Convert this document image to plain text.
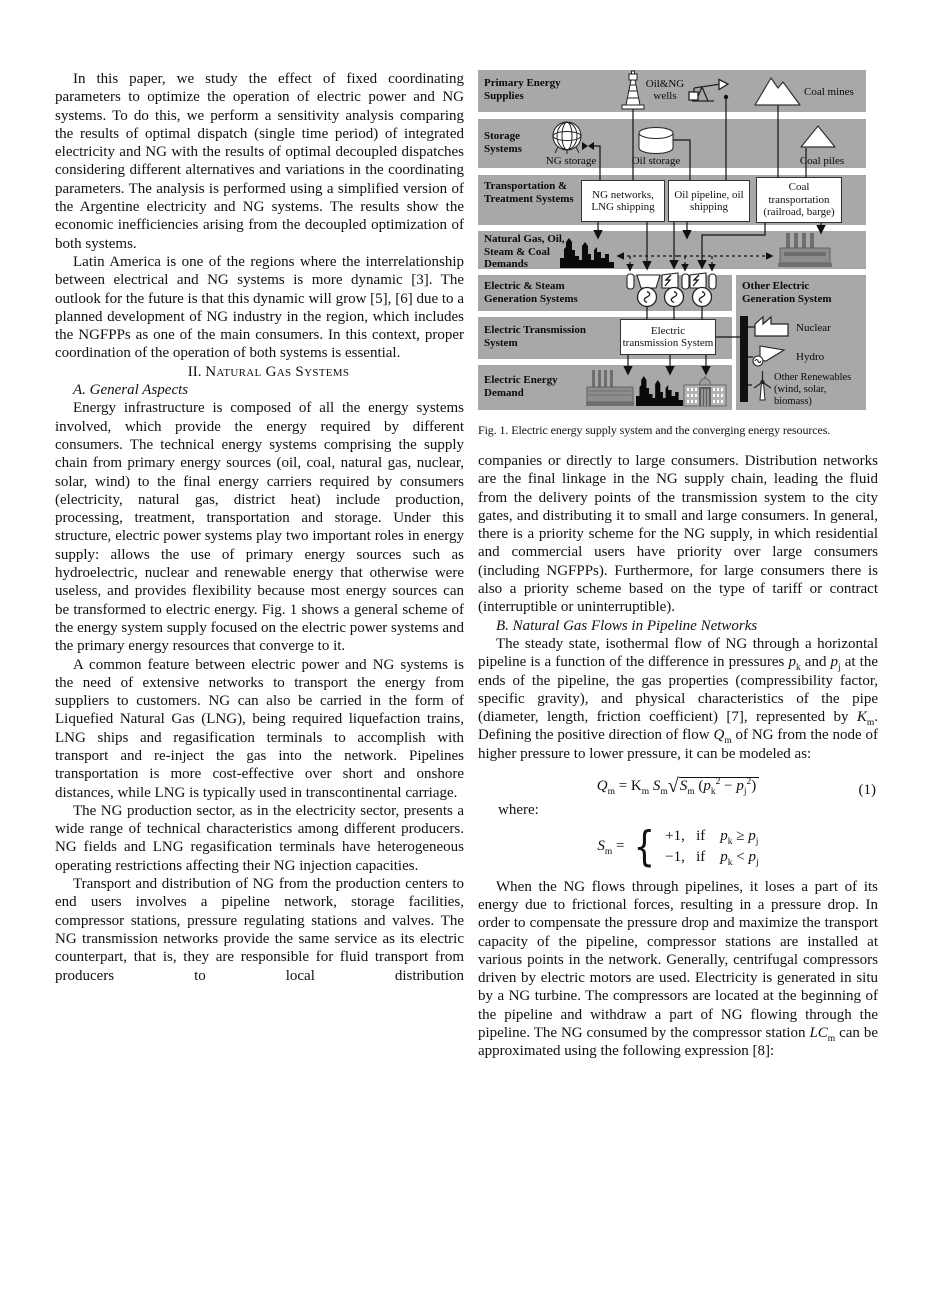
In this paper, we study the effect of fixed coordinating parameters to optimize the operation of electric power and NG systems. To do this, we perform a sensitivity analysis comparing the results of optimal dispatch (single time period) of integrated electricity and NG with the results of optimal decoupled dispatches considering different alternatives and variations in the coordinating parameters. The analysis is performed using a simplified version of the Argentine electricity and NG systems. The results show the economic inefficiencies arising from the decoupled optimization of both systems.

Latin America is one of the regions where the interrelationship between electrical and NG systems is more dynamic [3]. The outlook for the future is that this dynamic will grow [5], [6] due to a planned development of NG industry in the region, which includes the NGFPPs as one of the main consumers. In this context, proper coordination of the operation of both systems is essential.

II. Natural Gas Systems

A. General Aspects

Energy infrastructure is composed of all the energy systems involved, which provide the energy required by different consumers. The technical energy systems comprising the supply chain from primary energy sources (oil, coal, natural gas, nuclear, solar, wind) to the final energy carriers required by consumers (electricity, natural gas, district heat) include production, processing, treatment, transportation and storage. Under this structure, electric power systems play two important roles in energy supply: allows the use of primary energy sources such as hydroelectric, nuclear and renewable energy that otherwise were useless, and provides flexibility because most energy sources can be transformed to electric energy. Fig. 1 shows a general scheme of the energy system supply focused on the electric power systems and the primary energy resources that converge to it.

A common feature between electric power and NG systems is the need of extensive networks to transport the energy from suppliers to customers. NG can also be carried in the form of Liquefied Natural Gas (LNG), being required liquefaction trains, LNG ships and regasification terminals to accomplish with transport and re-inject the gas into the network. Pipelines transportation is more cost-effective over short and onshore distances, while LNG is typically used in transcontinental carriage.

The NG production sector, as in the electricity sector, presents a wide range of technical characteristics among different producers. NG fields and LNG regasification terminals have heterogeneous operating restrictions affecting their NG injection capacities.

Transport and distribution of NG from the production centers to end users involves a pipeline network, storage facilities, compressor stations, pressure regulating stations and valves. The NG transmission networks provide the same service as its electric counterpart, that is, they are responsible for fluid transport from producers to local distribution

Primary Energy Supplies
Storage Systems
Transportation & Treatment Systems
Natural Gas, Oil, Steam & Coal Demands
Electric & Steam Generation Systems
Electric Transmission System
Electric Energy Demand
Other Electric Generation System
NG networks, LNG shipping
Oil pipeline, oil shipping
Coal transportation (railroad, barge)
Electric transmission System
Oil&NG wells	Coal mines
NG storage	Oil storage	Coal piles
Nuclear
Hydro
Other Renewables (wind, solar, biomass)
Fig. 1. Electric energy supply system and the converging energy resources.

companies or directly to large consumers. Distribution networks are the final linkage in the NG supply chain, leading the fluid from the delivery points of the transmission system to the city gates, and distributing it to small and large consumers. In general, there is a priority scheme for the NG supply, in which residential and commercial users have priority over large consumers (including NGFPPs). Furthermore, for large consumers there is also a priority scheme based on the type of tariff or contract (interruptible or uninterruptible).

B. Natural Gas Flows in Pipeline Networks

The steady state, isothermal flow of NG through a horizontal pipeline is a function of the difference in pressures $p_k$ and $p_j$ at the ends of the pipeline, the gas properties (compressibility factor, specific gravity), and physical characteristics of the pipe (diameter, length, friction coefficient) [7], represented by $K_m$. Defining the positive direction of flow $Q_m$ of NG from the node of higher pressure to lower pressure, it can be modeled as:

$Q_m = K_m$ $S_m√S_m$ $(p_k^2 - p_j^2)$	(1)

where:

$S_m$ = { +1,   if    $p_k \ge p_j$
−1,   if    $p_k < p_j$

When the NG flows through pipelines, it loses a part of its energy due to frictional forces, resulting in a pressure drop. In order to compensate the pressure drop and maximize the transport capacity of the pipeline, compressor stations are installed at various points in the network. Generally, centrifugal compressors driven by electric motors are used. Electricity is generated in situ by a NG turbine. The compressors are located at the beginning of the pipeline and withdraw a part of NG flowing through the pipeline. The NG consumed by the compressor station $LC_m$ can be approximated using the following expression [8]:
